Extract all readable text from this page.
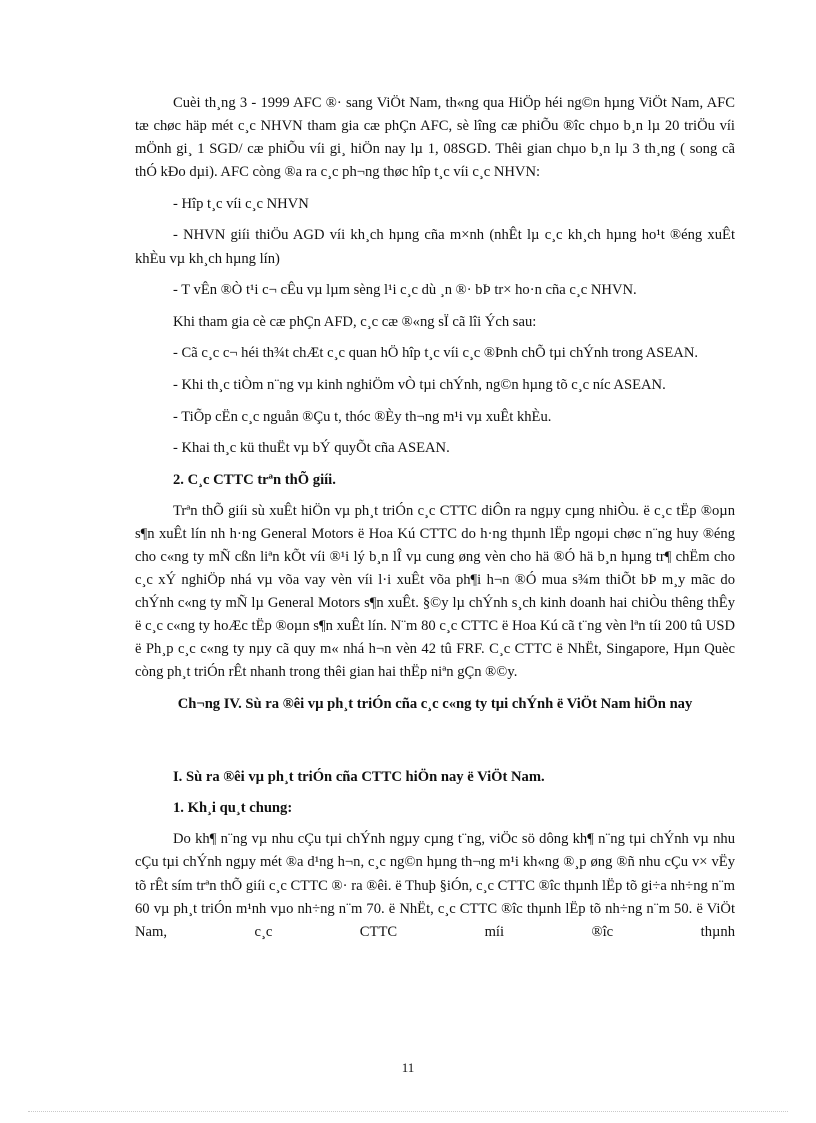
Cuèi th¸ng 3 - 1999 AFC ®· sang ViÖt Nam, th«ng qua HiÖp héi ng©n hµng ViÖt Nam, AFC tæ chøc häp mét c¸c NHVN tham gia cæ phÇn AFC, sè lîng cæ phiÕu ®îc chµo b¸n lµ 20 triÖu víi mÖnh gi¸ 1 SGD/ cæ phiÕu víi gi¸ hiÖn nay lµ 1, 08SGD. Thêi gian chµo b¸n lµ 3 th¸ng ( song cã thÓ kÐo dµi). AFC còng ®a ra c¸c ph¬ng thøc hîp t¸c víi c¸c NHVN:

- Hîp t¸c víi c¸c NHVN

- NHVN giíi thiÖu AGD víi kh¸ch hµng cña m×nh (nhÊt lµ c¸c kh¸ch hµng ho¹t ®éng xuÊt khÈu vµ kh¸ch hµng lín)

- T vÊn ®Ò t¹i c¬ cÊu vµ lµm sèng l¹i c¸c dù ¸n ®· bÞ tr× ho·n cña c¸c NHVN.

Khi tham gia cè cæ phÇn AFD, c¸c cæ ®«ng sÏ cã lîi Ých sau:

- Cã c¸c c¬ héi th¾t chÆt c¸c quan hÖ hîp t¸c víi c¸c ®Þnh chÕ tµi chÝnh trong ASEAN.

- Khi th¸c tiÒm n¨ng vµ kinh nghiÖm vÒ tµi chÝnh, ng©n hµng tõ c¸c níc ASEAN.

- TiÕp cËn c¸c nguån ®Çu t, thóc ®Èy th¬ng m¹i vµ xuÊt khÈu.

- Khai th¸c kü thuËt vµ bÝ quyÕt cña ASEAN.

2. C¸c CTTC trªn thÕ giíi.

Trªn thÕ giíi sù xuÊt hiÖn vµ ph¸t triÓn c¸c CTTC diÔn ra ngµy cµng nhiÒu. ë c¸c tËp ®oµn s¶n xuÊt lín nh h·ng General Motors ë Hoa Kú CTTC do h·ng thµnh lËp ngoµi chøc n¨ng huy ®éng cho c«ng ty mÑ cßn liªn kÕt víi ®¹i lý b¸n lÎ vµ cung øng vèn cho hä ®Ó hä b¸n hµng tr¶ chËm cho c¸c xÝ nghiÖp nhá vµ võa vay vèn víi l·i xuÊt võa ph¶i h¬n ®Ó mua s¾m thiÕt bÞ m¸y mãc do chÝnh c«ng ty mÑ lµ General Motors s¶n xuÊt. §©y lµ chÝnh s¸ch kinh doanh hai chiÒu thêng thÊy ë c¸c c«ng ty hoÆc tËp ®oµn s¶n xuÊt lín. N¨m 80 c¸c CTTC ë Hoa Kú cã t¨ng vèn lªn tíi 200 tû USD ë Ph¸p c¸c c«ng ty nµy cã quy m« nhá h¬n vèn 42 tû FRF. C¸c CTTC ë NhËt, Singapore, Hµn Quèc còng ph¸t triÓn rÊt nhanh trong thêi gian hai thËp niªn gÇn ®©y.

Ch¬ng IV. Sù ra ®êi vµ ph¸t triÓn cña c¸c c«ng ty tµi chÝnh ë ViÖt Nam hiÖn nay

I. Sù ra ®êi vµ ph¸t triÓn cña CTTC hiÖn nay ë ViÖt Nam.

1. Kh¸i qu¸t chung:

Do kh¶ n¨ng vµ nhu cÇu tµi chÝnh ngµy cµng t¨ng, viÖc sö dông kh¶ n¨ng tµi chÝnh vµ nhu cÇu tµi chÝnh ngµy mét ®a d¹ng h¬n, c¸c ng©n hµng th¬ng m¹i kh«ng ®¸p øng ®ñ nhu cÇu v× vËy tõ rÊt sím trªn thÕ giíi c¸c CTTC ®· ra ®êi. ë Thuþ §iÓn, c¸c CTTC ®îc thµnh lËp tõ gi÷a nh÷ng n¨m 60 vµ ph¸t triÓn m¹nh vµo nh÷ng n¨m 70. ë NhËt, c¸c CTTC ®îc thµnh lËp tõ nh÷ng n¨m 50. ë ViÖt Nam, c¸c CTTC míi ®îc thµnh

11
